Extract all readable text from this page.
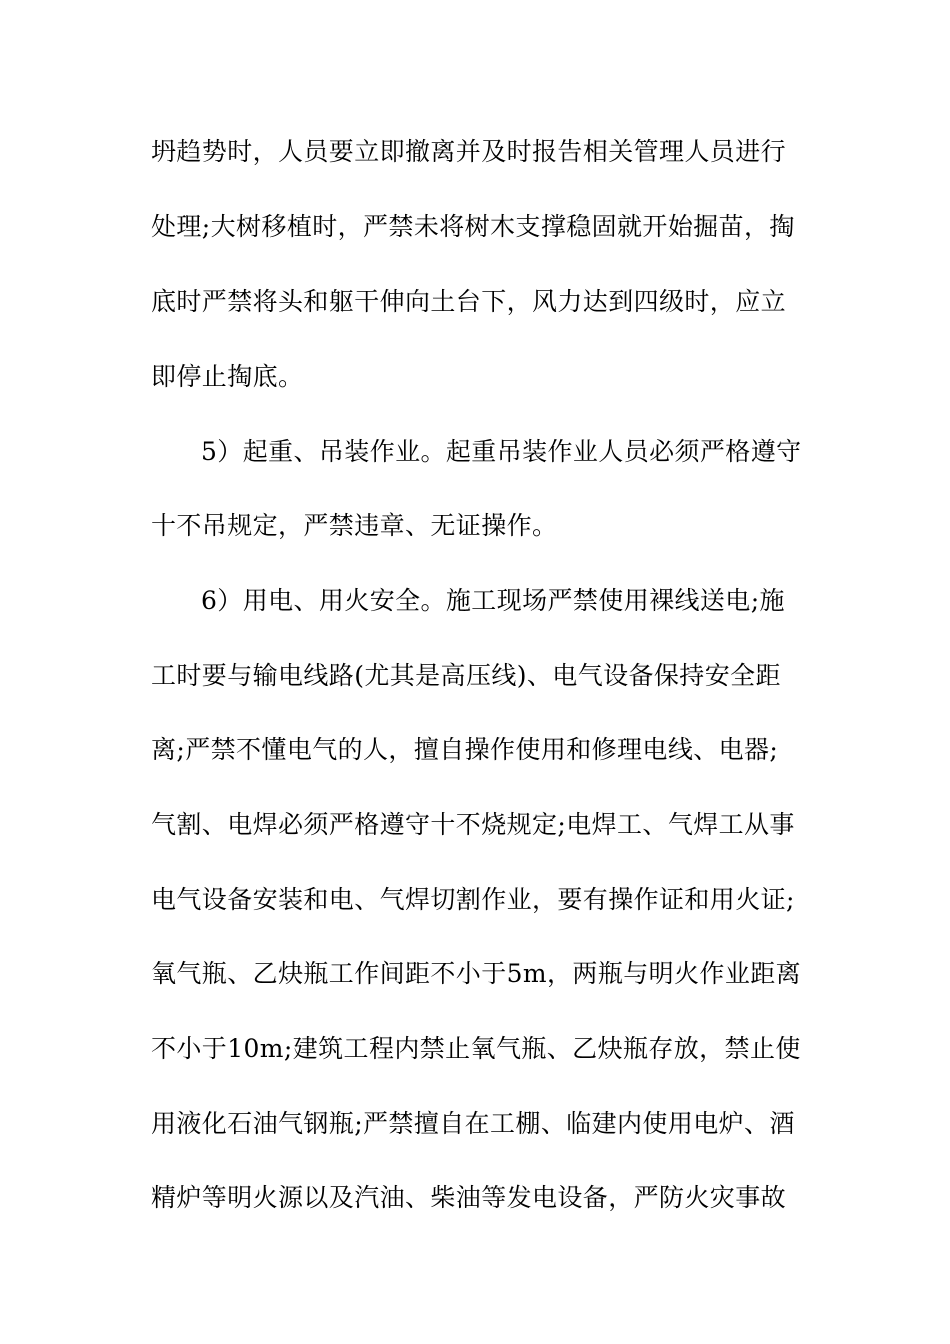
坍趋势时，人员要立即撤离并及时报告相关管理人员进行
处理;大树移植时，严禁未将树木支撑稳固就开始掘苗，掏
底时严禁将头和躯干伸向土台下，风力达到四级时，应立
即停止掏底。
5）起重、吊装作业。起重吊装作业人员必须严格遵守
十不吊规定，严禁违章、无证操作。
6）用电、用火安全。施工现场严禁使用裸线送电;施
工时要与输电线路(尤其是高压线)、电气设备保持安全距
离;严禁不懂电气的人，擅自操作使用和修理电线、电器;
气割、电焊必须严格遵守十不烧规定;电焊工、气焊工从事
电气设备安装和电、气焊切割作业，要有操作证和用火证;
氧气瓶、乙炔瓶工作间距不小于5m，两瓶与明火作业距离
不小于10m;建筑工程内禁止氧气瓶、乙炔瓶存放，禁止使
用液化石油气钢瓶;严禁擅自在工棚、临建内使用电炉、酒
精炉等明火源以及汽油、柴油等发电设备，严防火灾事故
